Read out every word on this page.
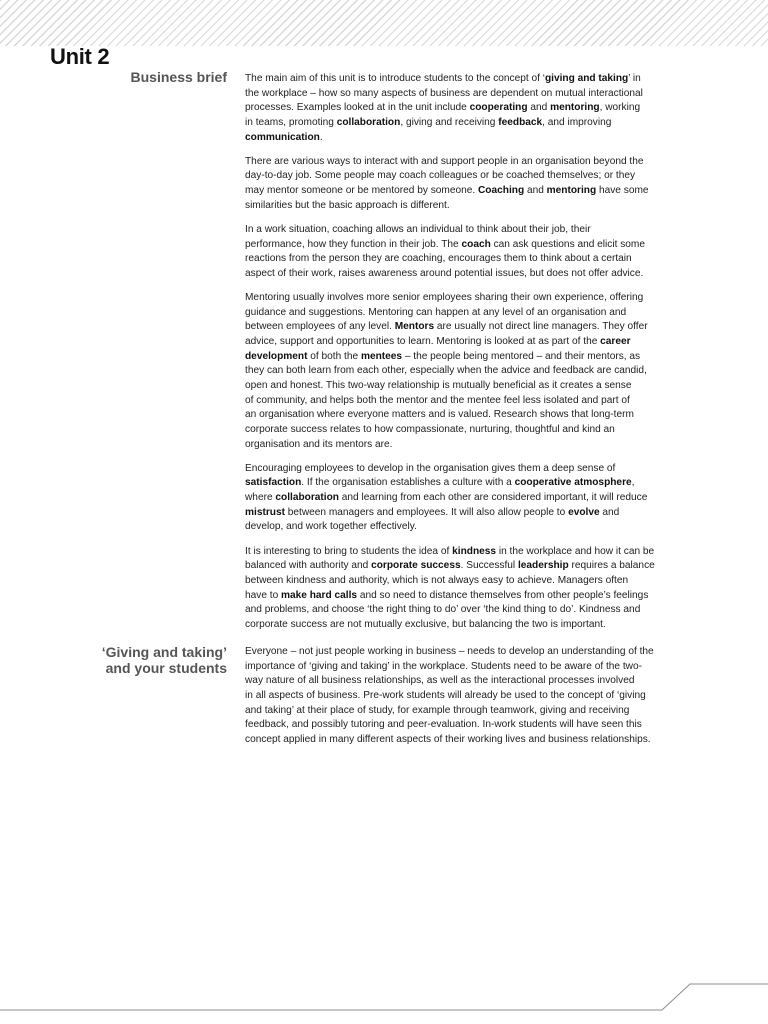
Unit 2
Business brief The main aim of this unit is to introduce students to the concept of ‘giving and taking’ in
the workplace – how so many aspects of business are dependent on mutual interactional
processes. Examples looked at in the unit include cooperating and mentoring, working
in teams, promoting collaboration, giving and receiving feedback, and improving
communication.

There are various ways to interact with and support people in an organisation beyond the
day-to-day job. Some people may coach colleagues or be coached themselves; or they
may mentor someone or be mentored by someone. Coaching and mentoring have some
similarities but the basic approach is different.

In a work situation, coaching allows an individual to think about their job, their
performance, how they function in their job. The coach can ask questions and elicit some
reactions from the person they are coaching, encourages them to think about a certain
aspect of their work, raises awareness around potential issues, but does not offer advice.

Mentoring usually involves more senior employees sharing their own experience, offering
guidance and suggestions. Mentoring can happen at any level of an organisation and
between employees of any level. Mentors are usually not direct line managers. They offer
advice, support and opportunities to learn. Mentoring is looked at as part of the career
development of both the mentees – the people being mentored – and their mentors, as
they can both learn from each other, especially when the advice and feedback are candid,
open and honest. This two-way relationship is mutually beneficial as it creates a sense
of community, and helps both the mentor and the mentee feel less isolated and part of
an organisation where everyone matters and is valued. Research shows that long-term
corporate success relates to how compassionate, nurturing, thoughtful and kind an
organisation and its mentors are.

Encouraging employees to develop in the organisation gives them a deep sense of
satisfaction. If the organisation establishes a culture with a cooperative atmosphere,
where collaboration and learning from each other are considered important, it will reduce
mistrust between managers and employees. It will also allow people to evolve and
develop, and work together effectively.

It is interesting to bring to students the idea of kindness in the workplace and how it can be
balanced with authority and corporate success. Successful leadership requires a balance
between kindness and authority, which is not always easy to achieve. Managers often
have to make hard calls and so need to distance themselves from other people’s feelings
and problems, and choose ‘the right thing to do’ over ‘the kind thing to do’. Kindness and
corporate success are not mutually exclusive, but balancing the two is important.

‘Giving and taking’
and your students

Everyone – not just people working in business – needs to develop an understanding of the
importance of ‘giving and taking’ in the workplace. Students need to be aware of the two-
way nature of all business relationships, as well as the interactional processes involved
in all aspects of business. Pre-work students will already be used to the concept of ‘giving
and taking’ at their place of study, for example through teamwork, giving and receiving
feedback, and possibly tutoring and peer-evaluation. In-work students will have seen this
concept applied in many different aspects of their working lives and business relationships.
